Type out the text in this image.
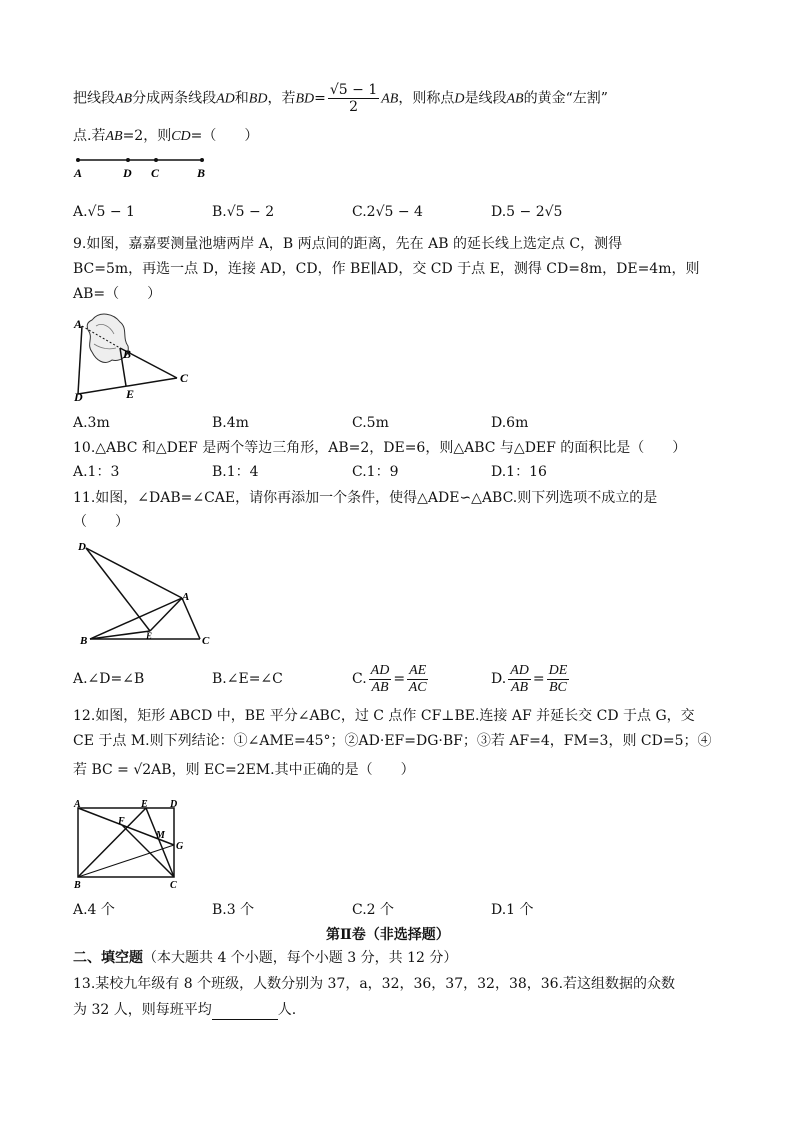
把线段AB分成两条线段AD和BD，若$BD= \frac{√5 - 1}{2}$ AB，则称点D是线段AB的黄金“左割”
点.若AB=2，则CD=（　　）
A	D C	B
A.√5 − 1	B.√5 − 2	C.2√5 − 4	D.5 − 2√5
9.如图，嘉嘉要测量池塘两岸 A，B 两点间的距离，先在 AB 的延长线上选定点 C，测得
BC=5m，再选一点 D，连接 AD，CD，作 BE∥AD，交 CD 于点 E，测得 CD=8m，DE=4m，则
AB=（　　）
A
B
C
D	E
A.3m	B.4m	C.5m	D.6m
10.△ABC 和△DEF 是两个等边三角形，AB=2，DE=6，则△ABC 与△DEF 的面积比是（　　）
A.1：3	B.1：4	C.1：9	D.1：16
11.如图，∠DAB=∠CAE，请你再添加一个条件，使得△ADE∽△ABC.则下列选项不成立的是
（　　）
D
A
B	E	C
A.∠D=∠B	B.∠E=∠C	C. $\frac{AD}{AB} = \frac{AE}{AC}$	D. $\frac{AD}{AB} = \frac{DE}{BC}$
12.如图，矩形 ABCD 中，BE 平分∠ABC，过 C 点作 CF⊥BE.连接 AF 并延长交 CD 于点 G，交
CE 于点 M.则下列结论：①∠AME=45°；②AD·EF=DG·BF；③若 AF=4，FM=3，则 CD=5；④
若 BC = √2AB，则 EC=2EM.其中正确的是（　　）
A	E D
F
M
G
B	C
A.4 个	B.3 个	C.2 个	D.1 个
第Ⅱ卷（非选择题）
二、填空题（本大题共 4 个小题，每个小题 3 分，共 12 分）
13.某校九年级有 8 个班级，人数分别为 37，a，32，36，37，32，38，36.若这组数据的众数
为 32 人，则每班平均	人.
